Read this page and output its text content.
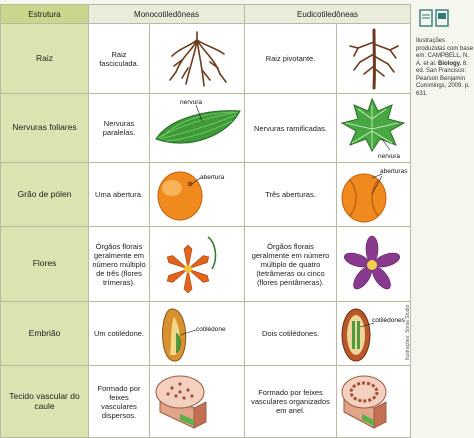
Estrutura	Monocotiledôneas		Eudicotiledôneas	
Raiz	Raiz fasciculada.		Raiz pivotante.	

Nervuras foliares	Nervuras paralelas.	nervura	Nervuras ramificadas.	nervura

Grão de pólen	Uma abertura.	abertura	Três aberturas.	aberturas

Flores	Órgãos florais geralmente em número múltiplo de três (flores trímeras).		Órgãos florais geralmente em número múltiplo de quatro (tetrâmeras ou cinco (flores pentâmeras).	

Embrião	Um cotilédone.	cotilédone	Dois cotilédones.	cotilédones

Tecido vascular do caule	Formado por feixes vasculares dispersos.		Formado por feixes vasculares organizados em anel.	
Ilustrações produzidas com base em: CAMPBELL, N. A. et al. Biology. 8. ed. San Francisco: Pearson Benjamin Cummings, 2009. p. 631.
Ilustrações: Sonia Studio
